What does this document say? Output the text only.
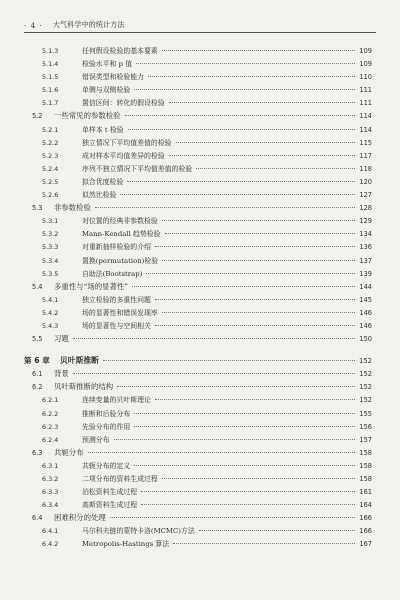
· 4 · 大气科学中的统计方法
5.1.3	任何假设检验的基本要素	109
5.1.4	检验水平和 p 值	109
5.1.5	错误类型和检验能力	110
5.1.6	单侧与双侧检验	111
5.1.7	置信区间：转化的假设检验	111
5.2	一些常见的参数检验	114
5.2.1	单样本 t 检验	114
5.2.2	独立情况下平均值差值的检验	115
5.2.3	成对样本平均值差异的检验	117
5.2.4	序列不独立情况下平均值差值的检验	118
5.2.5	拟合优度检验	120
5.2.6	似然比检验	127
5.3	非参数检验	128
5.3.1	对位置的经典非参数检验	129
5.3.2	Mann-Kendall 趋势检验	134
5.3.3	对重新抽样检验的介绍	136
5.3.4	置换(permutation)检验	137
5.3.5	自助法(Bootstrap)	139
5.4	多重性与“场的显著性”	144
5.4.1	独立检验的多重性问题	145
5.4.2	场的显著性和错误发现率	146
5.4.3	场的显著性与空间相关	146
5.5	习题	150
第 6 章	贝叶斯推断	152
6.1	背景	152
6.2	贝叶斯推断的结构	152
6.2.1	连续变量的贝叶斯理论	152
6.2.2	推断和后验分布	155
6.2.3	先验分布的作用	156
6.2.4	预测分布	157
6.3	共轭分布	158
6.3.1	共轭分布的定义	158
6.3.2	二项分布的资料生成过程	158
6.3.3	泊松资料生成过程	161
6.3.4	高斯资料生成过程	164
6.4	困难积分的处理	166
6.4.1	马尔科夫链的蒙特卡洛(MCMC)方法	166
6.4.2	Metropolis-Hastings 算法	167
